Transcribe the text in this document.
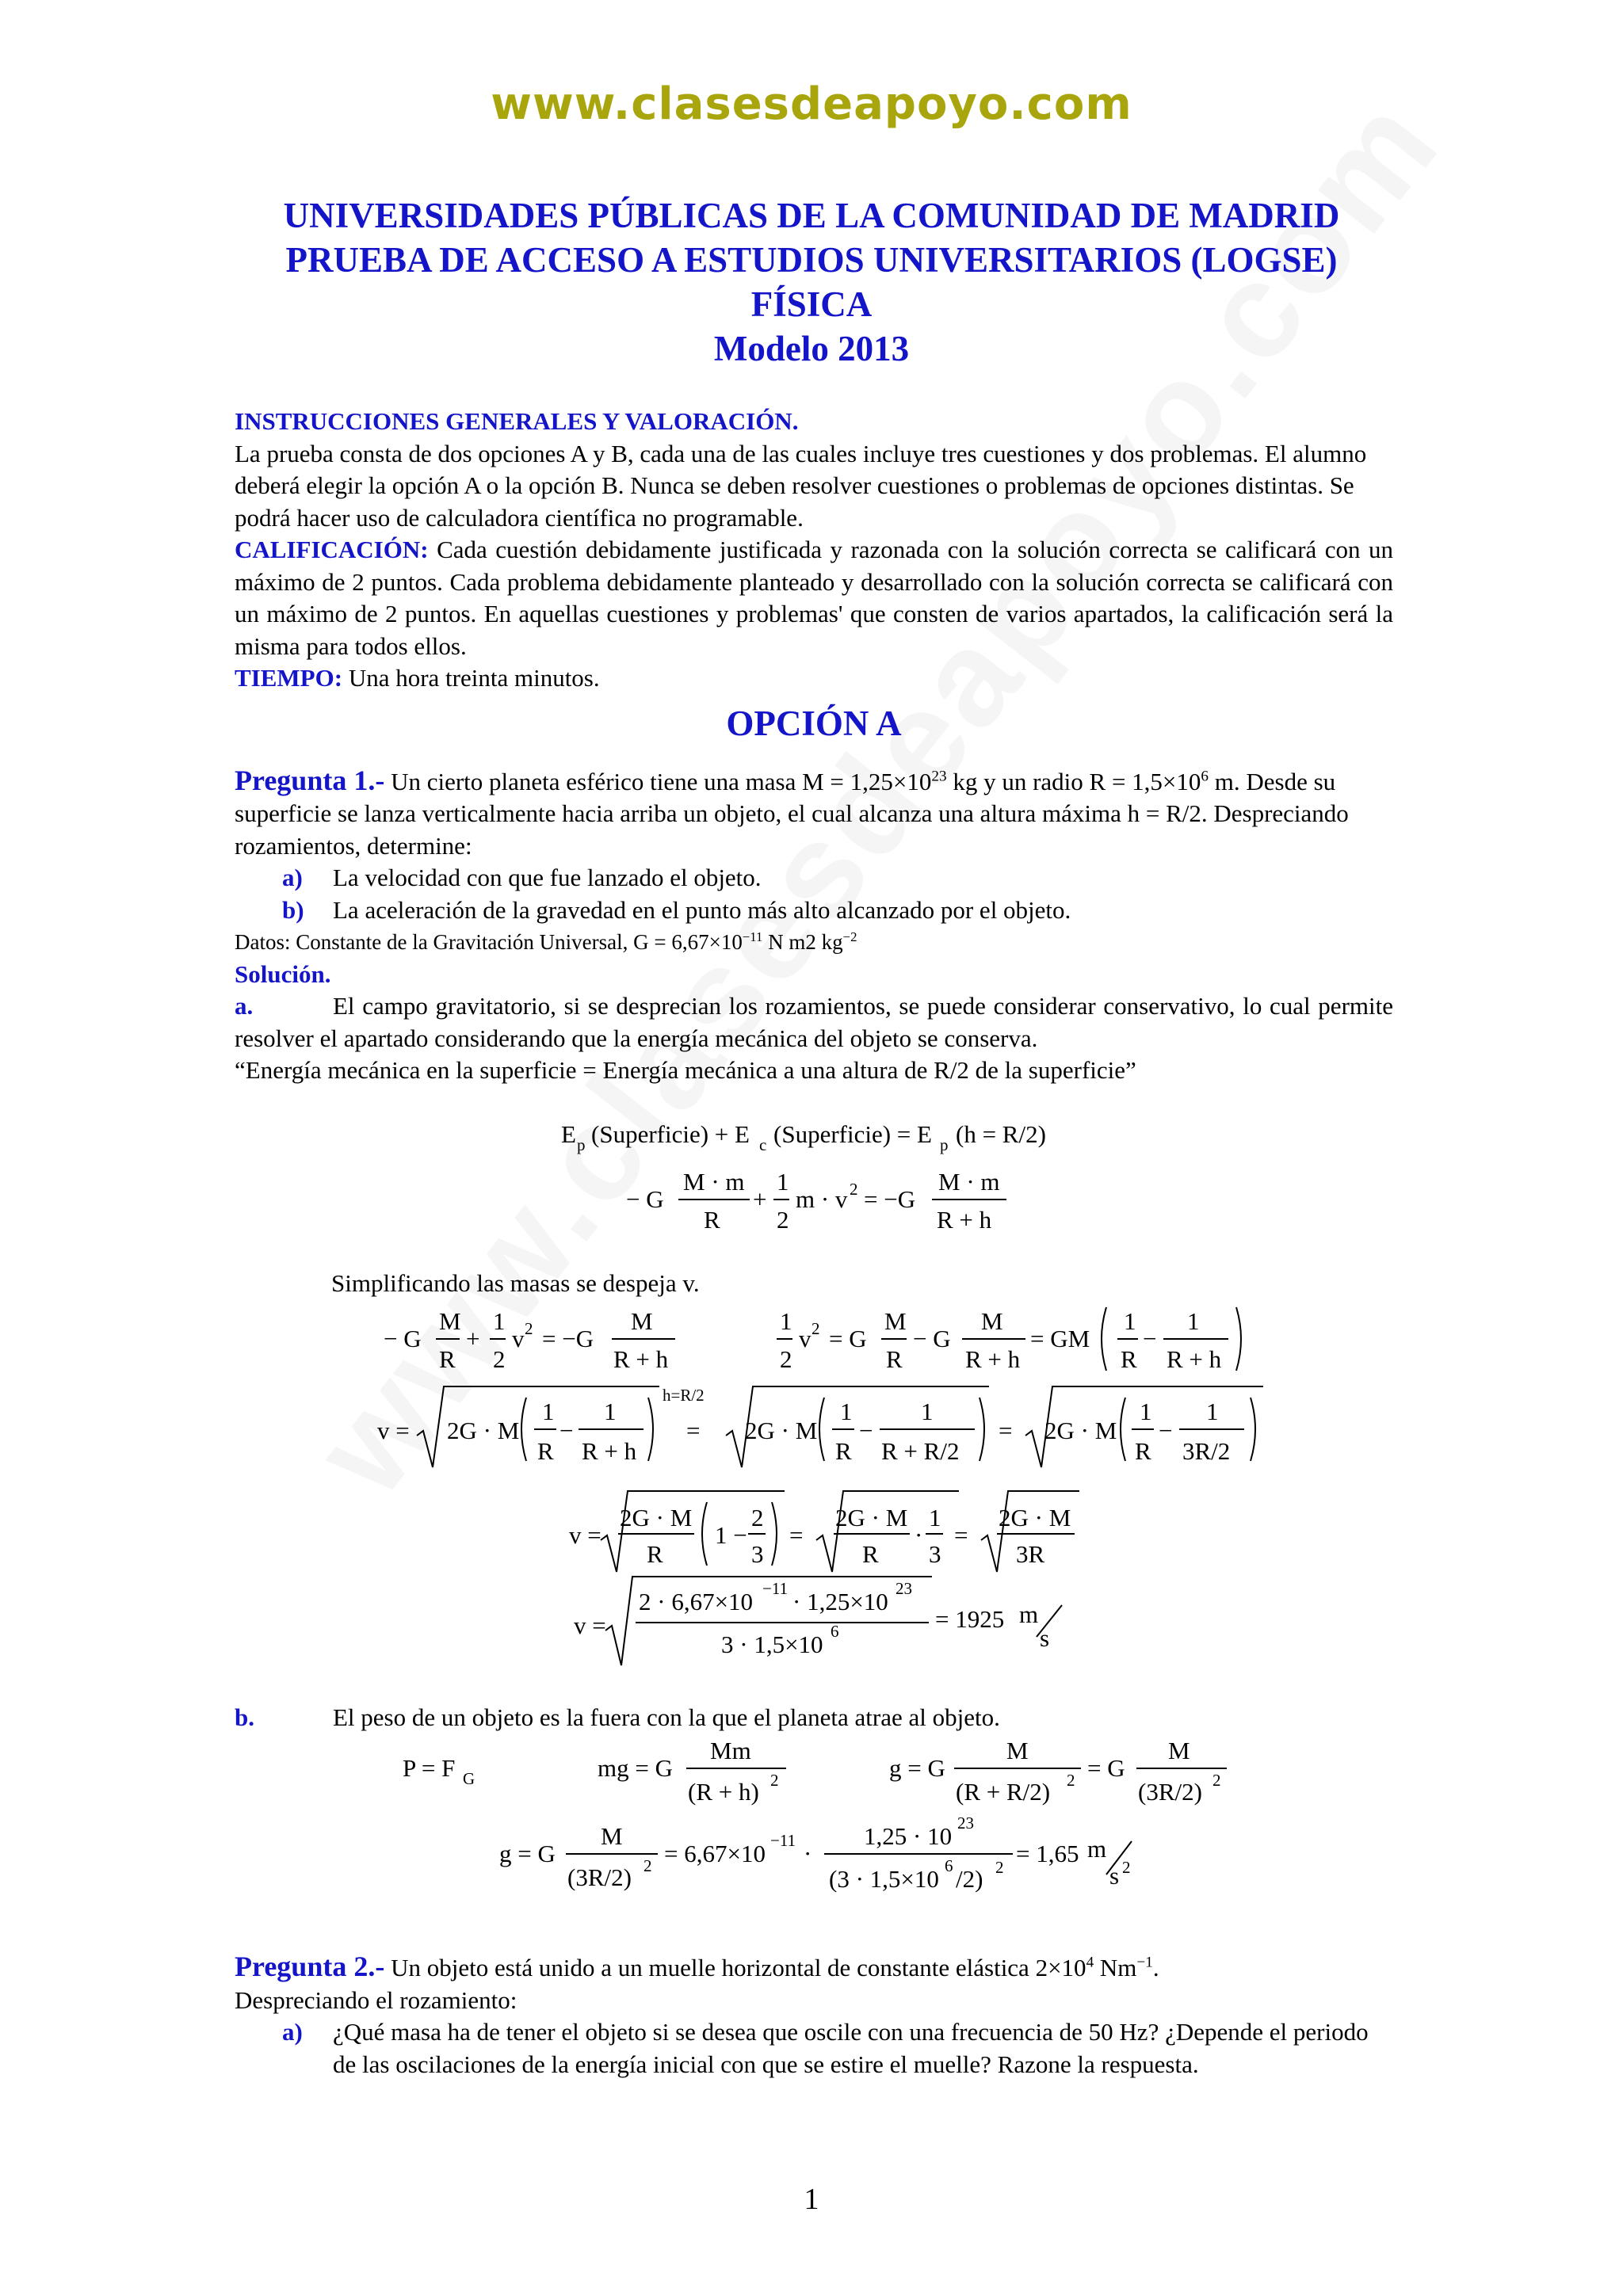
www.clasesdeapoyo.com

UNIVERSIDADES PÚBLICAS DE LA COMUNIDAD DE MADRID

PRUEBA DE ACCESO A ESTUDIOS UNIVERSITARIOS (LOGSE)

FÍSICA

Modelo 2013

INSTRUCCIONES GENERALES Y VALORACIÓN.

La prueba consta de dos opciones A y B, cada una de las cuales incluye tres cuestiones y dos problemas. El alumno deberá elegir la opción A o la opción B. Nunca se deben resolver cuestiones o problemas de opciones distintas. Se podrá hacer uso de calculadora científica no programable.

CALIFICACIÓN: Cada cuestión debidamente justificada y razonada con la solución correcta se calificará con un máximo de 2 puntos. Cada problema debidamente planteado y desarrollado con la solución correcta se calificará con un máximo de 2 puntos. En aquellas cuestiones y problemas' que consten de varios apartados, la calificación será la misma para todos ellos.

TIEMPO: Una hora treinta minutos.

OPCIÓN A

Pregunta 1.- Un cierto planeta esférico tiene una masa $M = 1,25\times 10^{23}$ kg y un radio $R = 1,5\times 10^6$ m. Desde su superficie se lanza verticalmente hacia arriba un objeto, el cual alcanza una altura máxima h = R/2. Despreciando rozamientos, determine:

a)	La velocidad con que fue lanzado el objeto.
b)	La aceleración de la gravedad en el punto más alto alcanzado por el objeto.

Datos: Constante de la Gravitación Universal, $G = 6,67\times 10^{-11}$ N m2 $kg^{-2}$

Solución.

a.	El campo gravitatorio, si se desprecian los rozamientos, se puede considerar conservativo, lo cual permite resolver el apartado considerando que la energía mecánica del objeto se conserva.

“Energía mecánica en la superficie = Energía mecánica a una altura de R/2 de la superficie”

E p (Superficie) + E c (Superficie) = E p (h = R/2)
− G
M · m
R
+
1
2
m · v 2 = −G
M · m
R + h
Simplificando las masas se despeja v.
− G
M
R
+
1
2
v 2 = −G
M
R + h
1
2
v 2 = G
M
R
− G
M
R + h
= GM
1
R
−
1
R + h
v = 2G · M
1
R
−
1
R + h
h=R/2
= 2G · M
1
R
−
1
R + R/2
= 2G · M
1
R
−
1
3R/2
v =
2G · M
R
1 −
2
3
=
2G · M
R
·
1
3
=
2G · M
3R
v =
2 · 6,67×10 −11 · 1,25×10 23
3 · 1,5×10 6	= 1925 m
s
P = F G	mg = G
Mm
(R + h) 2	g = G
M
(R + R/2) 2 = G
M
(3R/2) 2
g = G
M
(3R/2) 2 = 6,67×10 −11 ·
1,25 · 10 23
(3 · 1,5×10 6 /2) 2 = 1,65 m
s 2

b.	El peso de un objeto es la fuera con la que el planeta atrae al objeto.

Pregunta 2.- Un objeto está unido a un muelle horizontal de constante elástica $2\times 10^4$ $Nm^{-1}$.

Despreciando el rozamiento:

a)	¿Qué masa ha de tener el objeto si se desea que oscile con una frecuencia de 50 Hz? ¿Depende el periodo de las oscilaciones de la energía inicial con que se estire el muelle? Razone la respuesta.
1
